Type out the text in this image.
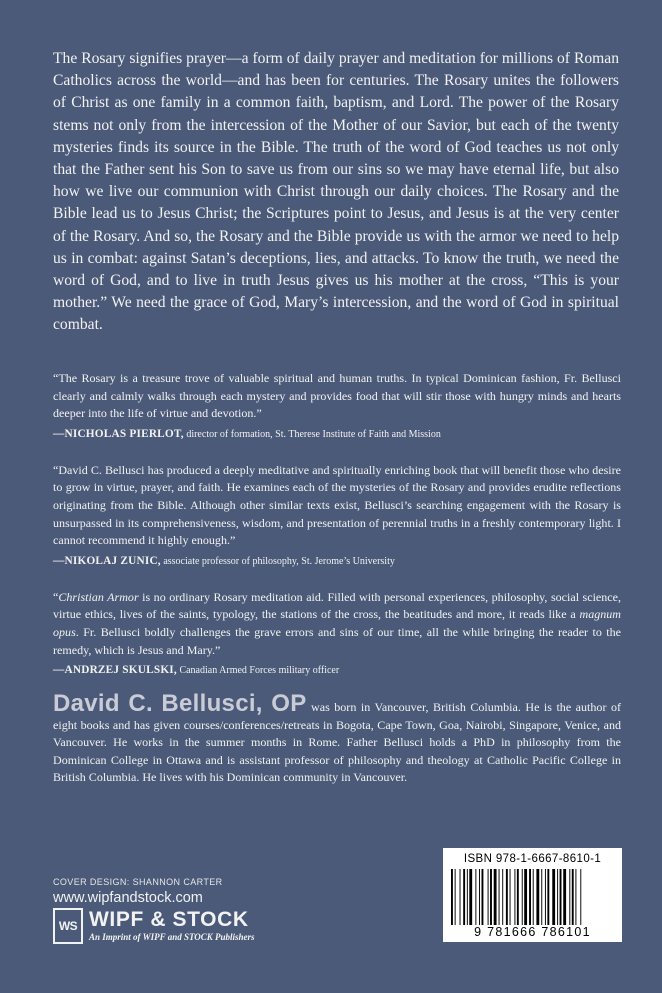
The Rosary signifies prayer—a form of daily prayer and meditation for millions of Roman Catholics across the world—and has been for centuries. The Rosary unites the followers of Christ as one family in a common faith, baptism, and Lord. The power of the Rosary stems not only from the intercession of the Mother of our Savior, but each of the twenty mysteries finds its source in the Bible. The truth of the word of God teaches us not only that the Father sent his Son to save us from our sins so we may have eternal life, but also how we live our communion with Christ through our daily choices. The Rosary and the Bible lead us to Jesus Christ; the Scriptures point to Jesus, and Jesus is at the very center of the Rosary. And so, the Rosary and the Bible provide us with the armor we need to help us in combat: against Satan’s deceptions, lies, and attacks. To know the truth, we need the word of God, and to live in truth Jesus gives us his mother at the cross, “This is your mother.” We need the grace of God, Mary’s intercession, and the word of God in spiritual combat.

“The Rosary is a treasure trove of valuable spiritual and human truths. In typical Dominican fashion, Fr. Bellusci clearly and calmly walks through each mystery and provides food that will stir those with hungry minds and hearts deeper into the life of virtue and devotion.”

—NICHOLAS PIERLOT, director of formation, St. Therese Institute of Faith and Mission

“David C. Bellusci has produced a deeply meditative and spiritually enriching book that will benefit those who desire to grow in virtue, prayer, and faith. He examines each of the mysteries of the Rosary and provides erudite reflections originating from the Bible. Although other similar texts exist, Bellusci’s searching engagement with the Rosary is unsurpassed in its comprehensiveness, wisdom, and presentation of perennial truths in a freshly contemporary light. I cannot recommend it highly enough.”

—NIKOLAJ ZUNIC, associate professor of philosophy, St. Jerome’s University

“Christian Armor is no ordinary Rosary meditation aid. Filled with personal experiences, philosophy, social science, virtue ethics, lives of the saints, typology, the stations of the cross, the beatitudes and more, it reads like a magnum opus. Fr. Bellusci boldly challenges the grave errors and sins of our time, all the while bringing the reader to the remedy, which is Jesus and Mary.”

—ANDRZEJ SKULSKI, Canadian Armed Forces military officer

David C. Bellusci, OP was born in Vancouver, British Columbia. He is the author of eight books and has given courses/conferences/retreats in Bogota, Cape Town, Goa, Nairobi, Singapore, Venice, and Vancouver. He works in the summer months in Rome. Father Bellusci holds a PhD in philosophy from the Dominican College in Ottawa and is assistant professor of philosophy and theology at Catholic Pacific College in British Columbia. He lives with his Dominican community in Vancouver.

COVER DESIGN: SHANNON CARTER
www.wipfandstock.com
WS WIPF & STOCK
An Imprint of WIPF and STOCK Publishers
ISBN 978-1-6667-8610-1
9 781666 786101
